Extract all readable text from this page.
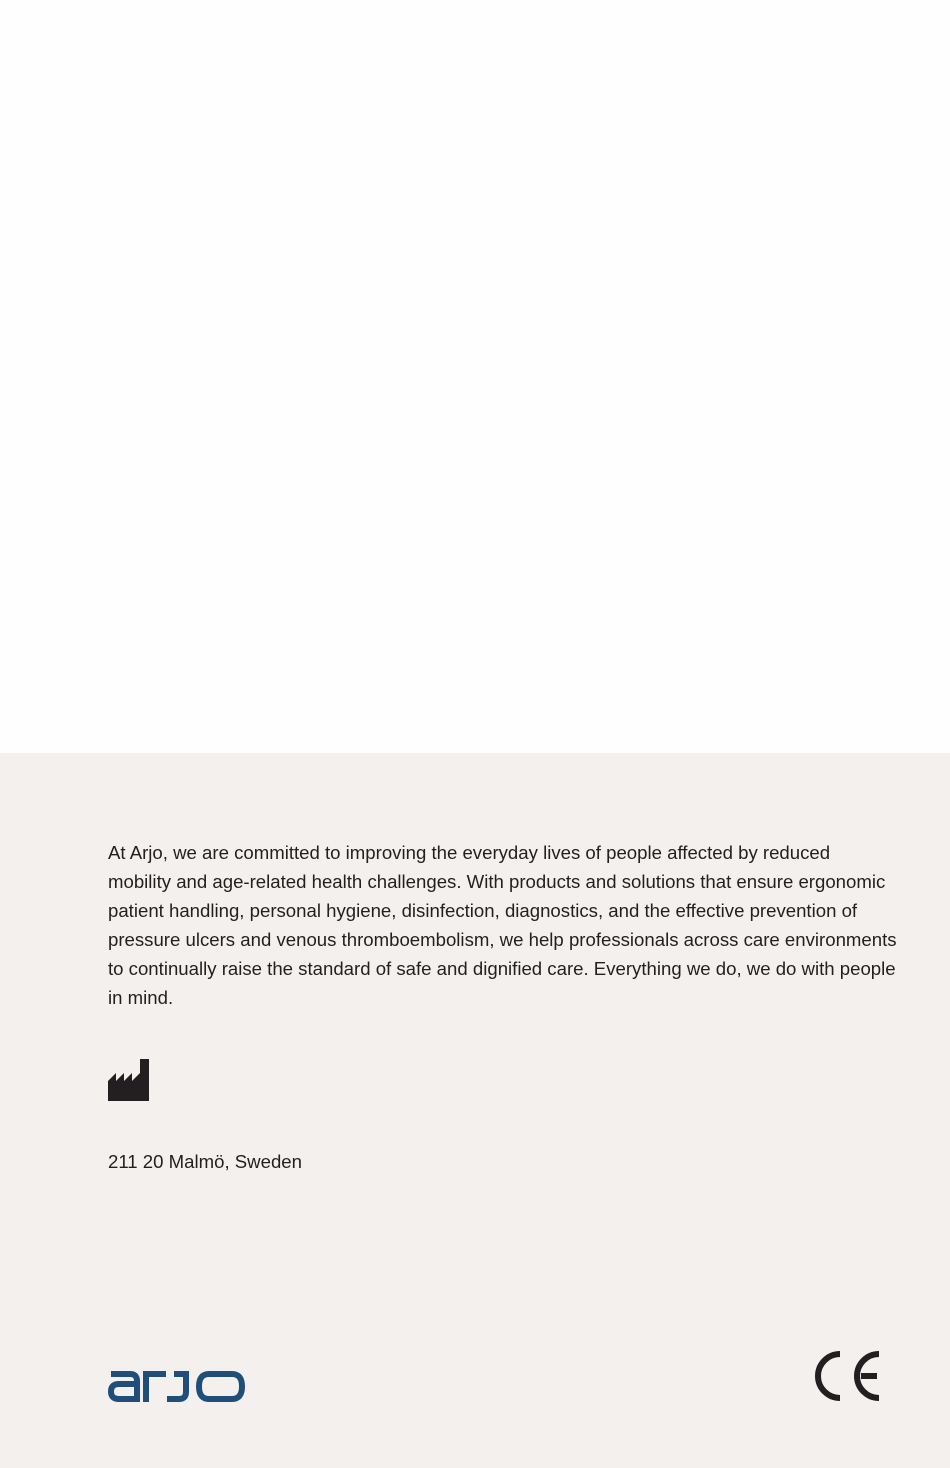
At Arjo, we are committed to improving the everyday lives of people affected by reduced mobility and age-related health challenges. With products and solutions that ensure ergonomic patient handling, personal hygiene, disinfection, diagnostics, and the effective prevention of pressure ulcers and venous thromboembolism, we help professionals across care environments to continually raise the standard of safe and dignified care. Everything we do, we do with people in mind.

211 20 Malmö, Sweden
